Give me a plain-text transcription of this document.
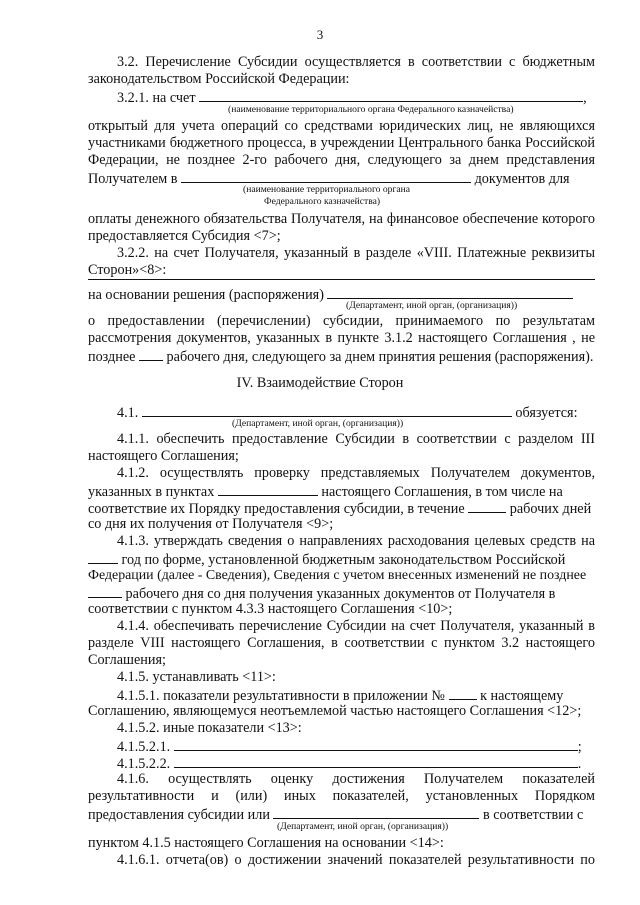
3
3.2. Перечисление Субсидии осуществляется в соответствии с бюджетным
законодательством Российской Федерации:
3.2.1. на счет	,
(наименование территориального органа Федерального казначейства)
открытый для учета операций со средствами юридических лиц, не являющихся
участниками бюджетного процесса, в учреждении Центрального банка Российской
Федерации, не позднее 2-го рабочего дня, следующего за днем представления
Получателем в	документов для
(наименование территориального органа
Федерального казначейства)
оплаты денежного обязательства Получателя, на финансовое обеспечение которого
предоставляется Субсидия <7>;
3.2.2. на счет Получателя, указанный в разделе «VIII. Платежные реквизиты
Сторон»<8>:
на основании решения (распоряжения)
(Департамент, иной орган, (организация))
о предоставлении (перечислении) субсидии, принимаемого по результатам
рассмотрения документов, указанных в пункте 3.1.2 настоящего Соглашения , не
позднее рабочего дня, следующего за днем принятия решения (распоряжения).
IV. Взаимодействие Сторон
4.1.	обязуется:
(Департамент, иной орган, (организация))
4.1.1. обеспечить предоставление Субсидии в соответствии с разделом III
настоящего Соглашения;
4.1.2. осуществлять проверку представляемых Получателем документов,
указанных в пунктах	настоящего Соглашения, в том числе на
соответствие их Порядку предоставления субсидии, в течение	рабочих дней
со дня их получения от Получателя <9>;
4.1.3. утверждать сведения о направлениях расходования целевых средств на
год по форме, установленной бюджетным законодательством Российской
Федерации (далее - Сведения), Сведения с учетом внесенных изменений не позднее
рабочего дня со дня получения указанных документов от Получателя в
соответствии с пунктом 4.3.3 настоящего Соглашения <10>;
4.1.4. обеспечивать перечисление Субсидии на счет Получателя, указанный в
разделе VIII настоящего Соглашения, в соответствии с пунктом 3.2 настоящего
Соглашения;
4.1.5. устанавливать <11>:
4.1.5.1. показатели результативности в приложении № к настоящему
Соглашению, являющемуся неотъемлемой частью настоящего Соглашения <12>;
4.1.5.2. иные показатели <13>:
4.1.5.2.1.	;
4.1.5.2.2.	.
4.1.6. осуществлять оценку достижения Получателем показателей
результативности и (или) иных показателей, установленных Порядком
предоставления субсидии или	в соответствии с
(Департамент, иной орган, (организация))
пунктом 4.1.5 настоящего Соглашения на основании <14>:
4.1.6.1. отчета(ов) о достижении значений показателей результативности по
